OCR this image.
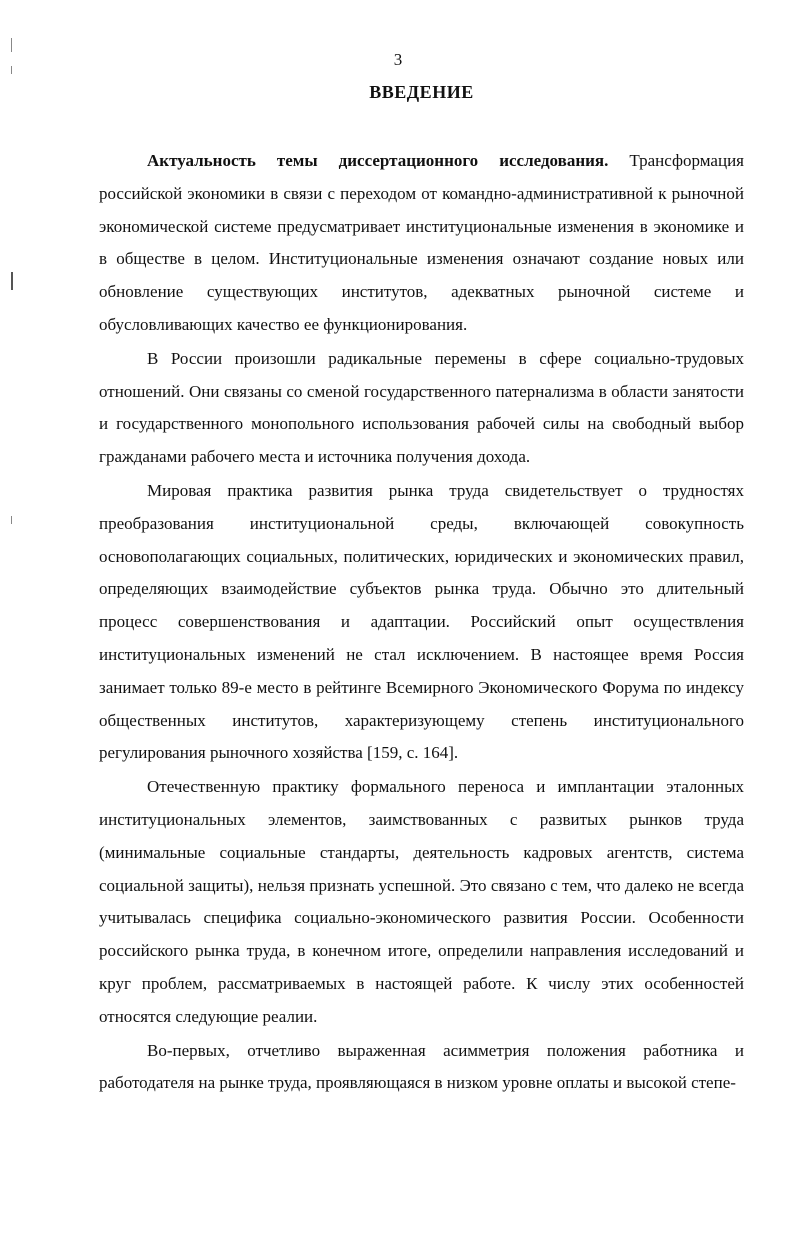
3
ВВЕДЕНИЕ

Актуальность темы диссертационного исследования. Трансформация российской экономики в связи с переходом от командно-административной к рыночной экономической системе предусматривает институциональные изменения в экономике и в обществе в целом. Институциональные изменения означают создание новых или обновление существующих институтов, адекватных рыночной системе и обусловливающих качество ее функционирования.

В России произошли радикальные перемены в сфере социально-трудовых отношений. Они связаны со сменой государственного патернализма в области занятости и государственного монопольного использования рабочей силы на свободный выбор гражданами рабочего места и источника получения дохода.

Мировая практика развития рынка труда свидетельствует о трудностях преобразования институциональной среды, включающей совокупность основополагающих социальных, политических, юридических и экономических правил, определяющих взаимодействие субъектов рынка труда. Обычно это длительный процесс совершенствования и адаптации. Российский опыт осуществления институциональных изменений не стал исключением. В настоящее время Россия занимает только 89-е место в рейтинге Всемирного Экономического Форума по индексу общественных институтов, характеризующему степень институционального регулирования рыночного хозяйства [159, с. 164].

Отечественную практику формального переноса и имплантации эталонных институциональных элементов, заимствованных с развитых рынков труда (минимальные социальные стандарты, деятельность кадровых агентств, система социальной защиты), нельзя признать успешной. Это связано с тем, что далеко не всегда учитывалась специфика социально-экономического развития России. Особенности российского рынка труда, в конечном итоге, определили направления исследований и круг проблем, рассматриваемых в настоящей работе. К числу этих особенностей относятся следующие реалии.

Во-первых, отчетливо выраженная асимметрия положения работника и работодателя на рынке труда, проявляющаяся в низком уровне оплаты и высокой степе-
